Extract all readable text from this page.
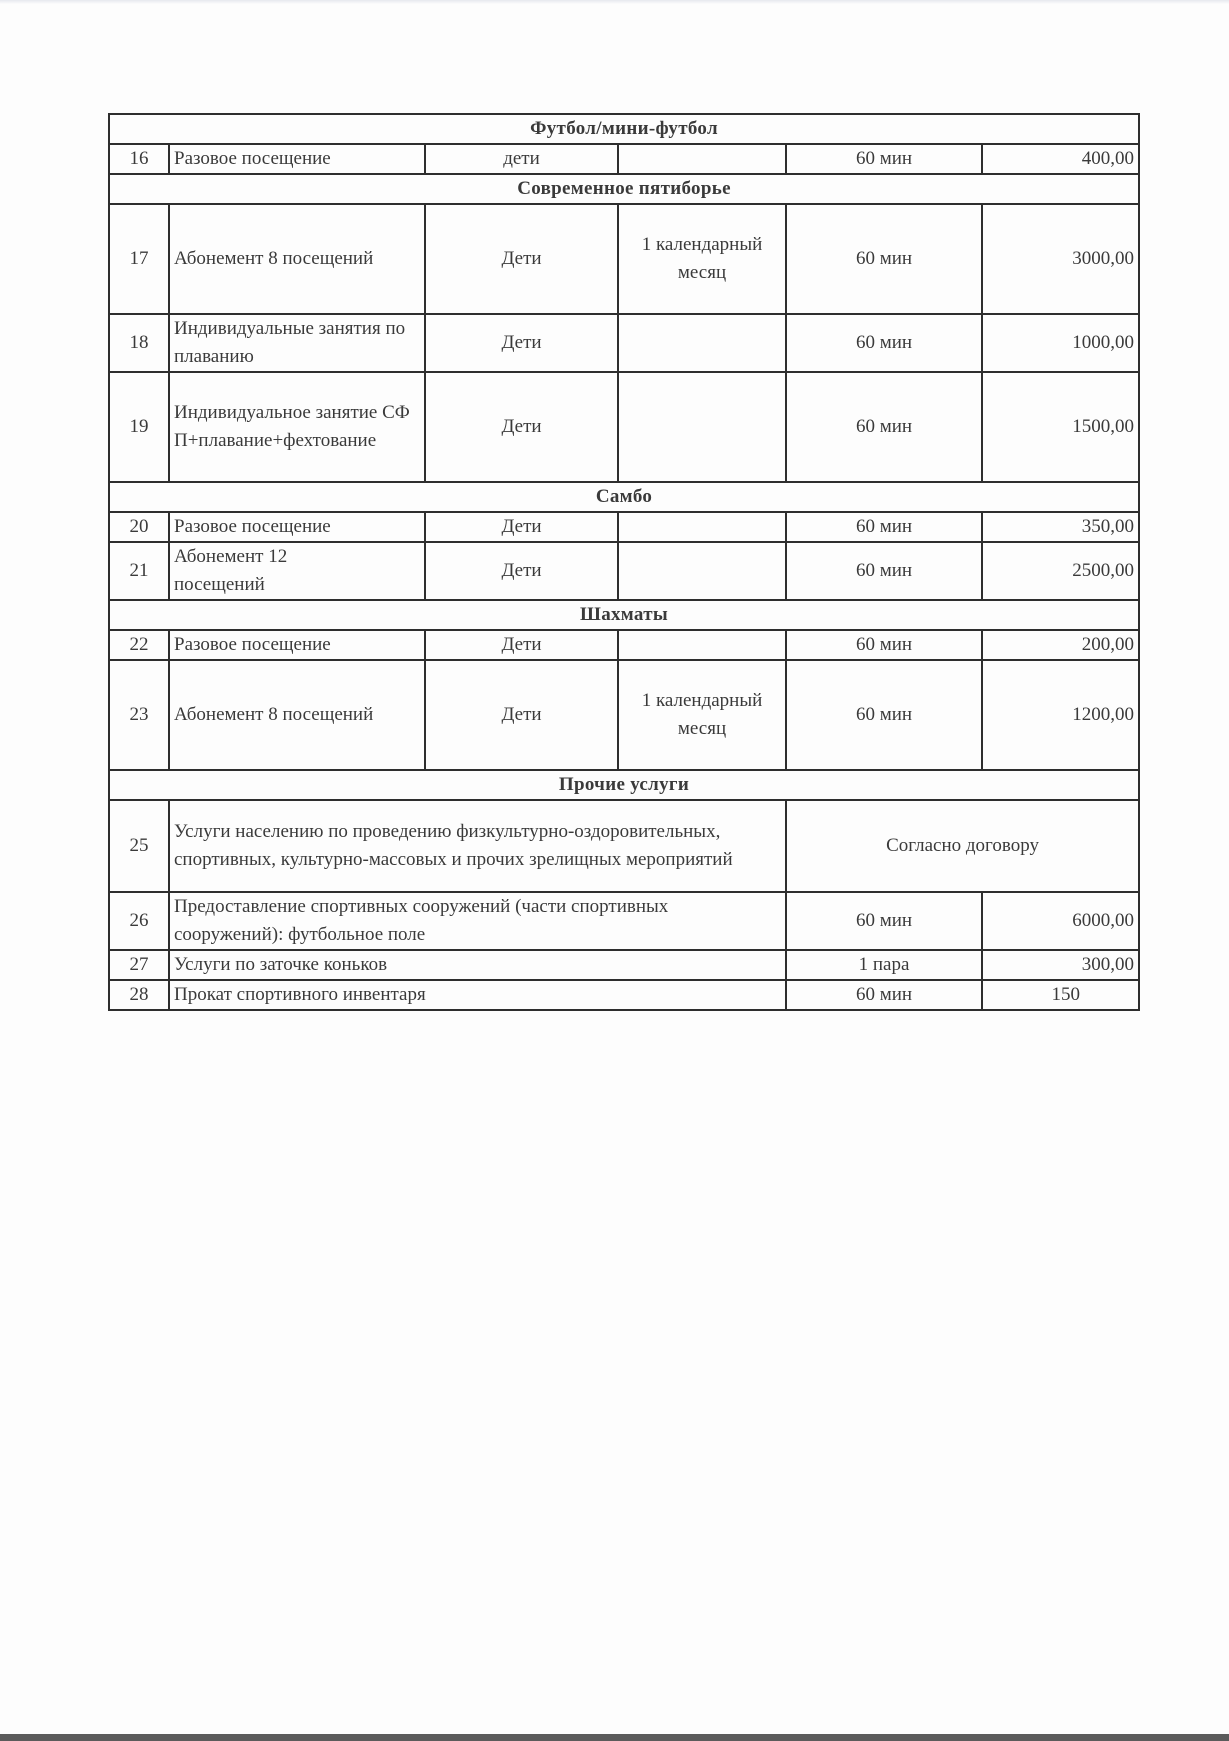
Футбол/мини-футбол					
16	Разовое посещение	дети		60 мин	400,00
Современное пятиборье					
17	Абонемент 8 посещений	Дети	1 календарный месяц	60 мин	3000,00
18	Индивидуальные занятия по плаванию	Дети		60 мин	1000,00
19	Индивидуальное занятие СФП+плавание+фехтование	Дети		60 мин	1500,00
Самбо					
20	Разовое посещение	Дети		60 мин	350,00
21	Абонемент 12 посещений	Дети		60 мин	2500,00
Шахматы					
22	Разовое посещение	Дети		60 мин	200,00
23	Абонемент 8 посещений	Дети	1 календарный месяц	60 мин	1200,00
Прочие услуги					
25	Услуги населению по проведению физкультурно-оздоровительных, спортивных, культурно-массовых и прочих зрелищных мероприятий			Согласно договору	
26	Предоставление спортивных сооружений (части спортивных сооружений): футбольное поле			60 мин	6000,00
27	Услуги по заточке коньков			1 пара	300,00
28	Прокат спортивного инвентаря			60 мин	150
